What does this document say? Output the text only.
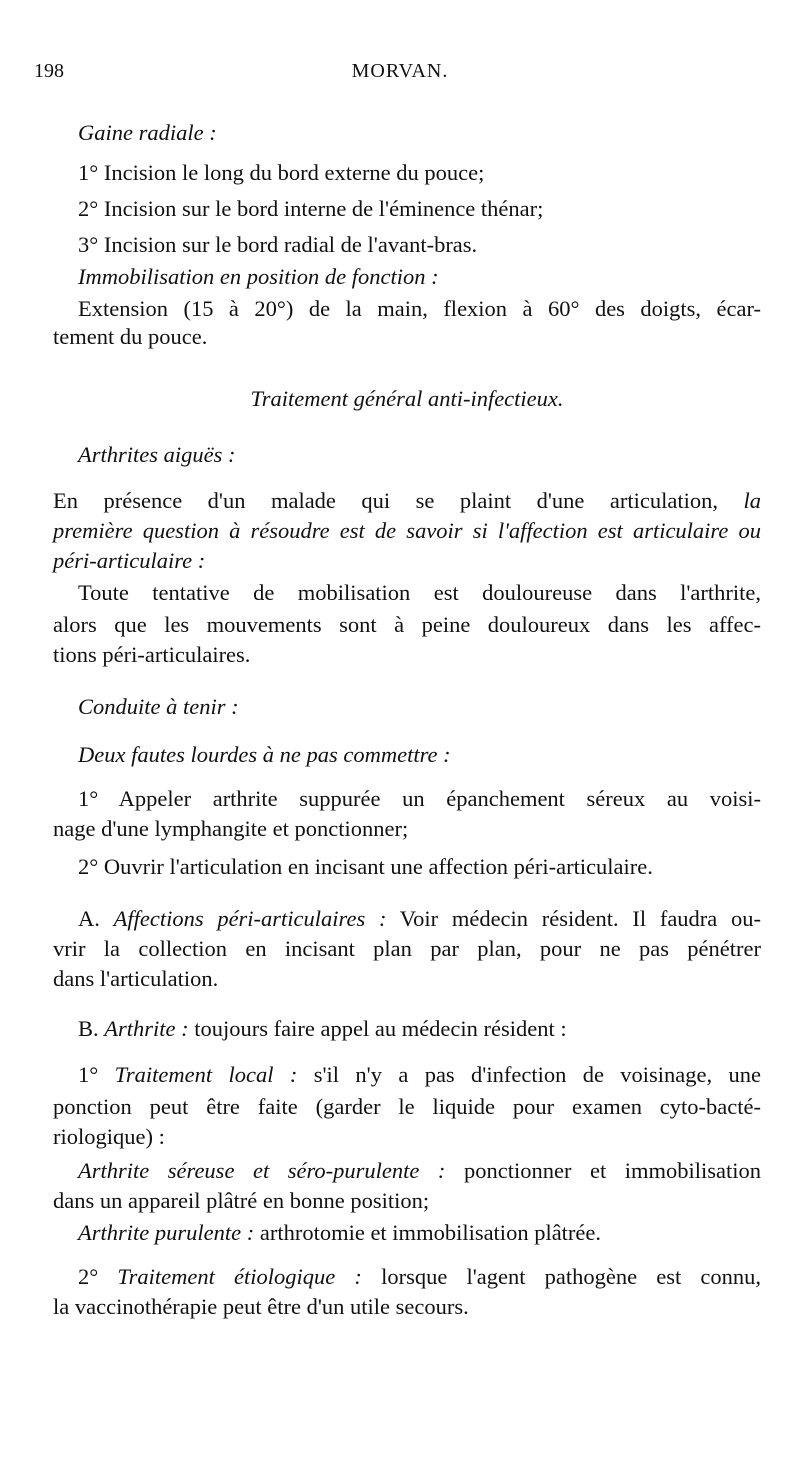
198	MORVAN.
Gaine radiale :
1° Incision le long du bord externe du pouce;
2° Incision sur le bord interne de l'éminence thénar;
3° Incision sur le bord radial de l'avant-bras.
Immobilisation en position de fonction :
Extension (15 à 20°) de la main, flexion à 60° des doigts, écar-
tement du pouce.
Traitement général anti-infectieux.
Arthrites aiguës :
En présence d'un malade qui se plaint d'une articulation, la
première question à résoudre est de savoir si l'affection est articulaire ou
péri-articulaire :
Toute tentative de mobilisation est douloureuse dans l'arthrite,
alors que les mouvements sont à peine douloureux dans les affec-
tions péri-articulaires.
Conduite à tenir :
Deux fautes lourdes à ne pas commettre :
1° Appeler arthrite suppurée un épanchement séreux au voisi-
nage d'une lymphangite et ponctionner;
2° Ouvrir l'articulation en incisant une affection péri-articulaire.
A. Affections péri-articulaires : Voir médecin résident. Il faudra ou-
vrir la collection en incisant plan par plan, pour ne pas pénétrer
dans l'articulation.
B. Arthrite : toujours faire appel au médecin résident :
1° Traitement local : s'il n'y a pas d'infection de voisinage, une
ponction peut être faite (garder le liquide pour examen cyto-bacté-
riologique) :
Arthrite séreuse et séro-purulente : ponctionner et immobilisation
dans un appareil plâtré en bonne position;
Arthrite purulente : arthrotomie et immobilisation plâtrée.
2° Traitement étiologique : lorsque l'agent pathogène est connu,
la vaccinothérapie peut être d'un utile secours.
